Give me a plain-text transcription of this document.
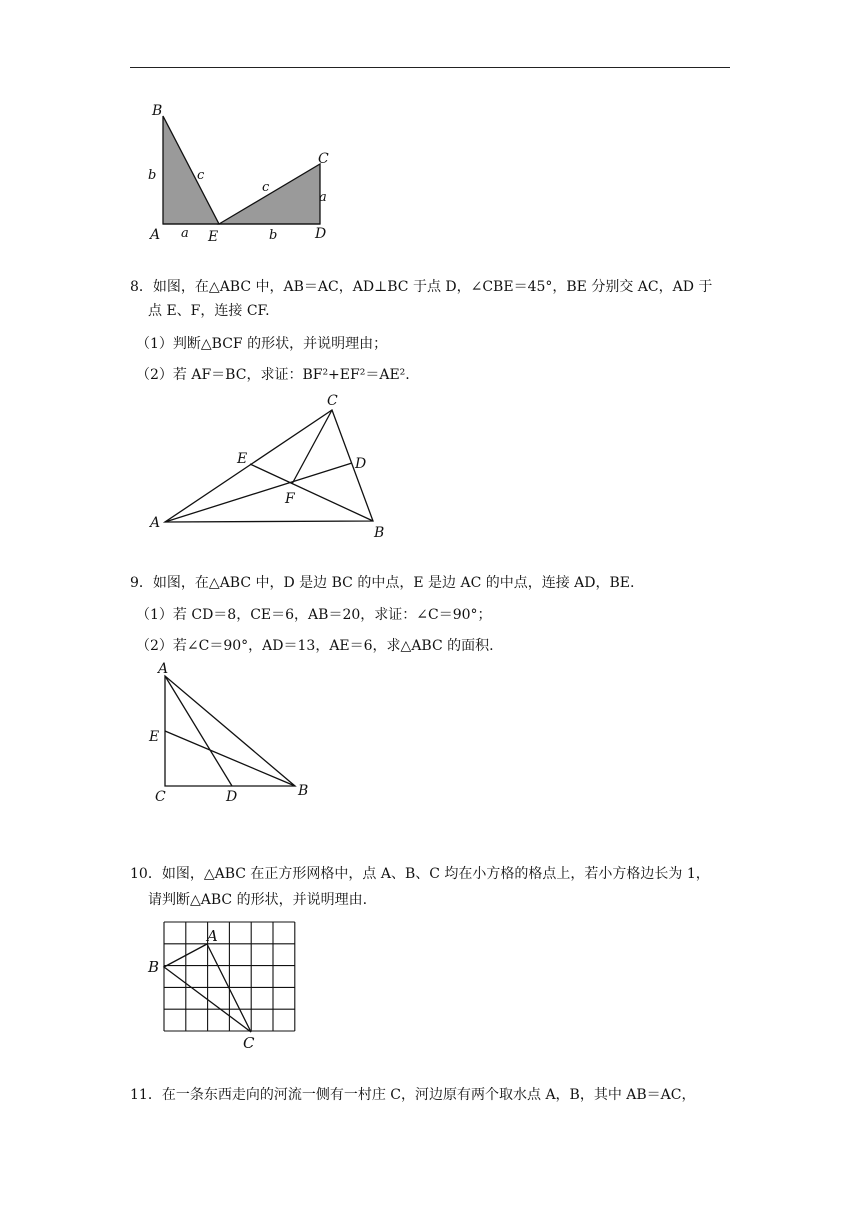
B
C
A	E	D
b	c
c
a
a	b
8．如图，在△ABC 中，AB＝AC，AD⊥BC 于点 D，∠CBE＝45°，BE 分别交 AC，AD 于
点 E、F，连接 CF.
（1）判断△BCF 的形状，并说明理由；
（2）若 AF＝BC，求证：BF²+EF²＝AE².
C
E	D
F
A
B
9．如图，在△ABC 中，D 是边 BC 的中点，E 是边 AC 的中点，连接 AD，BE.
（1）若 CD＝8，CE＝6，AB＝20，求证：∠C＝90°；
（2）若∠C＝90°，AD＝13，AE＝6，求△ABC 的面积.
A
E
C	D	B
10．如图，△ABC 在正方形网格中，点 A、B、C 均在小方格的格点上，若小方格边长为 1，
请判断△ABC 的形状，并说明理由.
A
B
C
11．在一条东西走向的河流一侧有一村庄 C，河边原有两个取水点 A，B，其中 AB＝AC，
